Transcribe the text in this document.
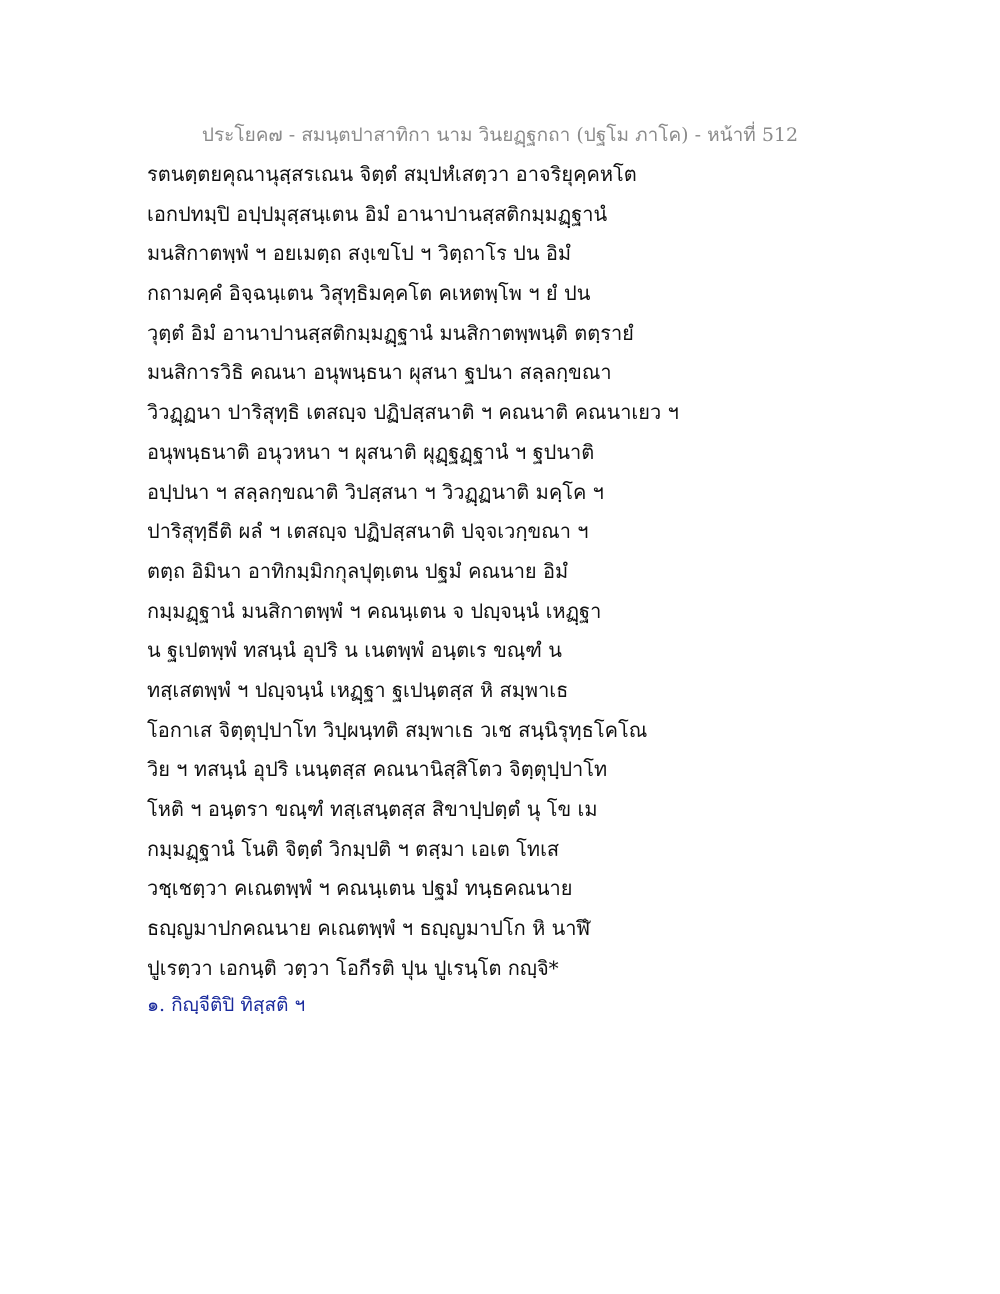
ประโยค๗ - สมนฺตปาสาทิกา นาม วินยฏฺฐกถา (ปฐโม ภาโค) - หน้าที่ 512
รตนตฺตยคุณานุสฺสรเณน จิตฺตํ สมฺปหํเสตฺวา อาจริยุคฺคหโต
เอกปทมฺปิ อปฺปมุสฺสนฺเตน อิมํ อานาปานสฺสติกมฺมฏฺฐานํ
มนสิกาตพฺพํ ฯ อยเมตฺถ สงฺเขโป ฯ วิตฺถาโร ปน อิมํ
กถามคฺคํ อิจฺฉนฺเตน วิสุทฺธิมคฺคโต คเหตพฺโพ ฯ ยํ ปน
วุตฺตํ อิมํ อานาปานสฺสติกมฺมฏฺฐานํ มนสิกาตพฺพนฺติ ตตฺรายํ
มนสิการวิธิ คณนา อนุพนฺธนา ผุสนา ฐปนา สลฺลกฺขณา
วิวฏฺฏนา ปาริสุทฺธิ เตสญฺจ ปฏิปสฺสนาติ ฯ คณนาติ คณนาเยว ฯ
อนุพนฺธนาติ อนุวหนา ฯ ผุสนาติ ผุฏฺฐฏฺฐานํ ฯ ฐปนาติ
อปฺปนา ฯ สลฺลกฺขณาติ วิปสฺสนา ฯ วิวฏฺฏนาติ มคฺโค ฯ
ปาริสุทฺธีติ ผลํ ฯ เตสญฺจ ปฏิปสฺสนาติ ปจฺจเวกฺขณา ฯ
ตตฺถ อิมินา อาทิกมฺมิกกุลปุตฺเตน ปฐมํ คณนาย อิมํ
กมฺมฏฺฐานํ มนสิกาตพฺพํ ฯ คณนฺเตน จ ปญฺจนฺนํ เหฏฺฐา
น ฐเปตพฺพํ ทสนฺนํ อุปริ น เนตพฺพํ อนฺตเร ขณฺฑํ น
ทสฺเสตพฺพํ ฯ ปญฺจนฺนํ เหฏฺฐา ฐเปนฺตสฺส หิ สมฺพาเธ
โอกาเส จิตฺตุปฺปาโท วิปฺผนฺทติ สมฺพาเธ วเช สนฺนิรุทฺธโคโณ
วิย ฯ ทสนฺนํ อุปริ เนนฺตสฺส คณนานิสฺสิโตว จิตฺตุปฺปาโท
โหติ ฯ อนฺตรา ขณฺฑํ ทสฺเสนฺตสฺส สิขาปฺปตฺตํ นุ โข เม
กมฺมฏฺฐานํ โนติ จิตฺตํ วิกมฺปติ ฯ ตสฺมา เอเต โทเส
วชฺเชตฺวา คเณตพฺพํ ฯ คณนฺเตน ปฐมํ ทนฺธคณนาย
ธญฺญมาปกคณนาย คเณตพฺพํ ฯ ธญฺญมาปโก หิ นาฬึ
ปูเรตฺวา เอกนฺติ วตฺวา โอกีรติ ปุน ปูเรนฺโต กญฺจิ*
๑. กิญฺจีติปิ ทิสฺสติ ฯ
